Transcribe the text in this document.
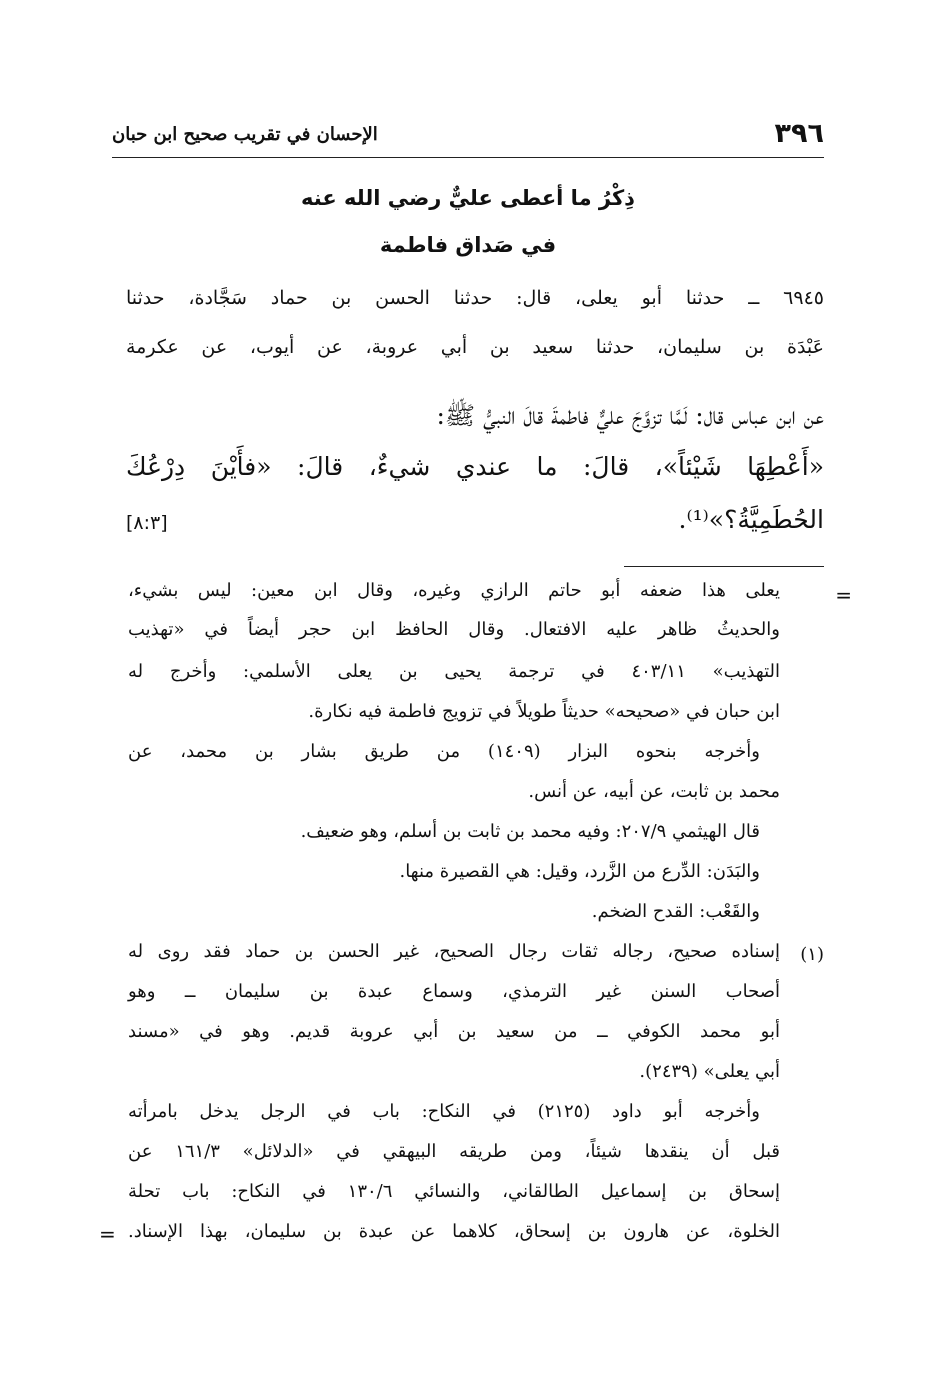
٣٩٦
الإحسان في تقريب صحيح ابن حبان
ذِكْرُ ما أعطى عليٌّ رضي الله عنه
في صَداق فاطمة
٦٩٤٥ ــ حدثنا أبو يعلى، قال: حدثنا الحسن بن حماد سَجَّادة، حدثنا
عَبْدَة بن سليمان، حدثنا سعيد بن أبي عروبة، عن أيوب، عن عكرمة
عن ابن عباس قال: لَمَّا تزوَّجَ عليٌّ فاطمةَ قالَ النبيُّ ﷺ:
«أَعْطِهَا شَيْئاً»، قالَ: ما عندي شيءٌ، قالَ: «فأَيْنَ دِرْعُكَ
الحُطَمِيَّةُ؟»⁽¹⁾.
[٨:٣]
=
يعلى هذا ضعفه أبو حاتم الرازي وغيره، وقال ابن معين: ليس بشيء،
والحديثُ ظاهر عليه الافتعال. وقال الحافظ ابن حجر أيضاً في «تهذيب
التهذيب» ٤٠٣/١١ في ترجمة يحيى بن يعلى الأسلمي: وأخرج له
ابن حبان في «صحيحه» حديثاً طويلاً في تزويج فاطمة فيه نكارة.
وأخرجه بنحوه البزار (١٤٠٩) من طريق بشار بن محمد، عن
محمد بن ثابت، عن أبيه، عن أنس.
قال الهيثمي ٢٠٧/٩: وفيه محمد بن ثابت بن أسلم، وهو ضعيف.
والبَدَن: الدِّرع من الزَّرد، وقيل: هي القصيرة منها.
والقَعْب: القدح الضخم.
(١)
إسناده صحيح، رجاله ثقات رجال الصحيح، غير الحسن بن حماد فقد روى له
أصحاب السنن غير الترمذي، وسماع عبدة بن سليمان ــ وهو
أبو محمد الكوفي ــ من سعيد بن أبي عروبة قديم. وهو في «مسند
أبي يعلى» (٢٤٣٩).
وأخرجه أبو داود (٢١٢٥) في النكاح: باب في الرجل يدخل بامرأته
قبل أن ينقدها شيئاً، ومن طريقه البيهقي في «الدلائل» ١٦١/٣ عن
إسحاق بن إسماعيل الطالقاني، والنسائي ١٣٠/٦ في النكاح: باب تحلة
الخلوة، عن هارون بن إسحاق، كلاهما عن عبدة بن سليمان، بهذا الإسناد.
=
